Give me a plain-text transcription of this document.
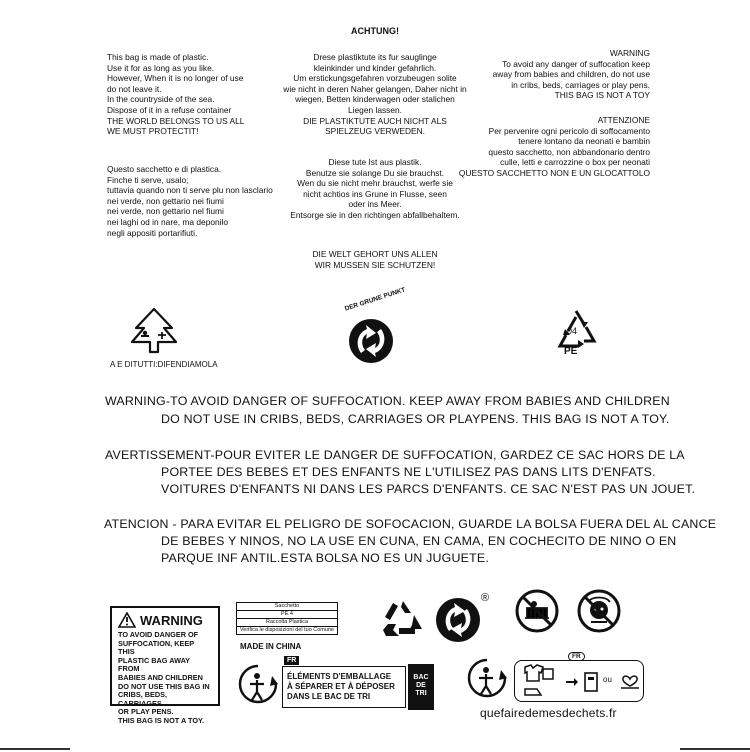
ACHTUNG!
This bag is made of plastic.
Use it for as long as you like.
However, When it is no longer of use
do not leave it.
In the countryside of the sea.
Dispose of it in a refuse container
THE WORLD BELONGS TO US ALL
WE MUST PROTECTIT!
Questo sacchetto e di plastica.
Finche ti serve, usalo;
tuttavia quando non ti serve plu non lasclario
nei verde, non gettario nei fiumi
nei verde, non gettario nel fiumi
nei laghi od in nare, ma deponilo
negli appositi portarifiuti.
Drese plastiktute its fur sauglinge
kleinkinder und kinder gefahrlich.
Um erstickungsgefahren vorzubeugen solite
wie nicht in deren Naher gelangen, Daher nicht in
wiegen, Betten kinderwagen oder stalichen
Liegen lassen.
DIE PLASTIKTUTE AUCH NICHT ALS
SPIELZEUG VERWEDEN.
Diese tute Ist aus plastik.
Benutze sie solange Du sie brauchst.
Wen du sie nicht mehr brauchst, werfe sie
nicht achtios ins Grune in Flusse, seen
oder ins Meer.
Entsorge sie in den richtingen abfallbehaltem.
DIE WELT GEHORT UNS ALLEN
WIR MUSSEN SIE SCHUTZEN!
WARNING
To avoid any danger of suffocation keep
away from babies and children, do not use
in cribs, beds, carriages or play pens.
THIS BAG IS NOT A TOY
ATTENZIONE
Per pervenire ogni pericolo di soffocamento
tenere lontano da neonati e bambin
questo sacchetto, non abbandonario dentro
culle, letti e carrozzine o box per neonati
QUESTO SACCHETTO NON E UN GLOCATTOLO
A E DITUTTI:DIFENDIAMOLA
DER GRUNE PUNKT
04
PE
WARNING-TO AVOID DANGER OF SUFFOCATION. KEEP AWAY FROM BABIES AND CHILDREN
DO NOT USE IN CRIBS, BEDS, CARRIAGES OR PLAYPENS. THIS BAG IS NOT A TOY.
AVERTISSEMENT-POUR EVITER LE DANGER DE SUFFOCATION, GARDEZ CE SAC HORS DE LA
PORTEE DES BEBES ET DES ENFANTS NE L'UTILISEZ PAS DANS LITS D'ENFATS.
VOITURES D'ENFANTS NI DANS LES PARCS D'ENFANTS. CE SAC N'EST PAS UN JOUET.
ATENCION - PARA EVITAR EL PELIGRO DE SOFOCACION, GUARDE LA BOLSA FUERA DEL AL CANCE
DE BEBES Y NINOS, NO LA USE EN CUNA, EN CAMA, EN COCHECITO DE NINO O EN
PARQUE INF ANTIL.ESTA BOLSA NO ES UN JUGUETE.
WARNING
TO AVOID DANGER OF
SUFFOCATION, KEEP THIS
PLASTIC BAG AWAY FROM
BABIES AND CHILDREN
DO NOT USE THIS BAG IN
CRIBS, BEDS, CARRIAGES
OR PLAY PENS.
THIS BAG IS NOT A TOY.
Sacchetto
PE 4
Raccolta Plastica
Verifica le disposizioni del tuo Comune
MADE IN CHINA
®
FR
ÉLÉMENTS D'EMBALLAGE
À SÉPARER ET À DÉPOSER
DANS LE BAC DE TRI
BAC
DE
TRI
ou
FR
quefairedemesdechets.fr
